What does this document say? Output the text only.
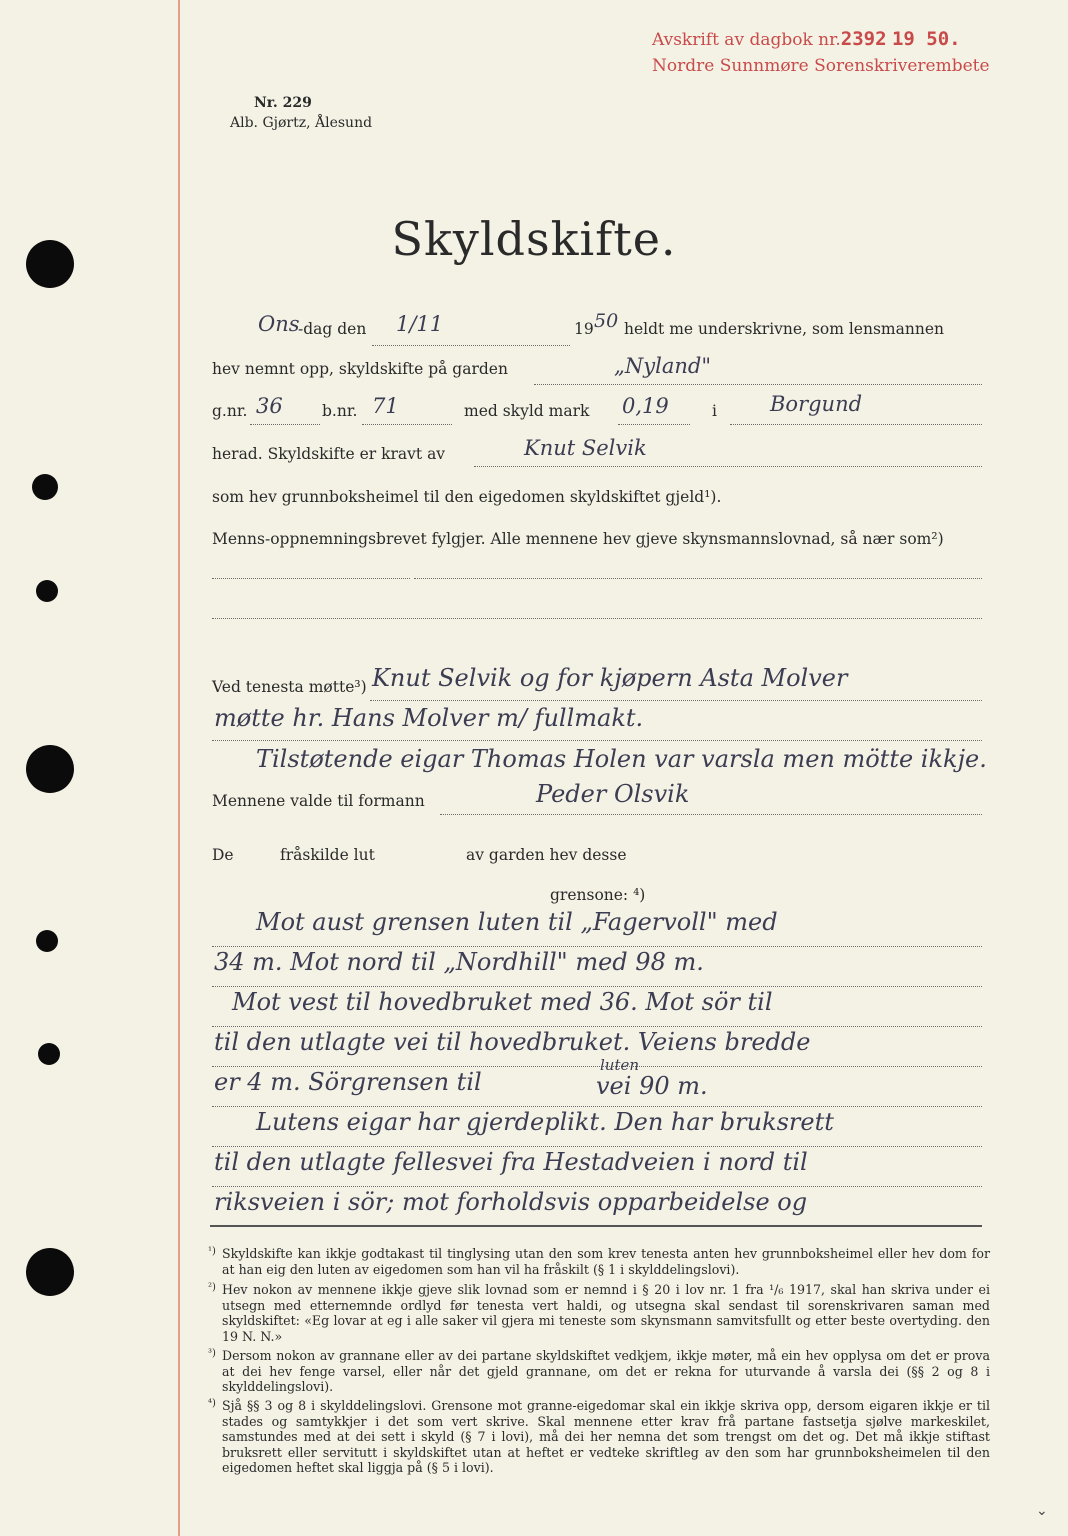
Avskrift av dagbok nr.2392 19 50.
Nordre Sunnmøre Sorenskriverembete
Nr. 229
Alb. Gjørtz, Ålesund
Skyldskifte.
Ons
-dag den 1/11	19 50 heldt me underskrivne, som lensmannen
hev nemnt opp, skyldskifte på garden	„Nyland"
g.nr. 36	b.nr. 71	med skyld mark 0,19	i	Borgund
herad. Skyldskifte er kravt av	Knut Selvik
som hev grunnboksheimel til den eigedomen skyldskiftet gjeld¹).
Menns-oppnemningsbrevet fylgjer. Alle mennene hev gjeve skynsmannslovnad, så nær som²)
Ved tenesta møtte³) Knut Selvik og for kjøpern Asta Molver
møtte hr. Hans Molver m/ fullmakt.
Tilstøtende eigar Thomas Holen var varsla men mötte ikkje.
Mennene valde til formann	Peder Olsvik
De	fråskilde lut	av garden hev desse
grensone: ⁴)
Mot aust grensen luten til „Fagervoll" med
34 m. Mot nord til „Nordhill" med 98 m.
Mot vest til hovedbruket med 36. Mot sör til
til den utlagte vei til hovedbruket. Veiens bredde
er 4 m. Sörgrensen til
luten
vei 90 m.
Lutens eigar har gjerdeplikt. Den har bruksrett
til den utlagte fellesvei fra Hestadveien i nord til
riksveien i sör; mot forholdsvis opparbeidelse og
¹) Skyldskifte kan ikkje godtakast til tinglysing utan den som krev tenesta anten hev grunnboksheimel eller hev dom for at han eig den luten av eigedomen som han vil ha fråskilt (§ 1 i skylddelingslovi).
²) Hev nokon av mennene ikkje gjeve slik lovnad som er nemnd i § 20 i lov nr. 1 fra ¹/₆ 1917, skal han skriva under ei utsegn med etternemnde ordlyd før tenesta vert haldi, og utsegna skal sendast til sorenskrivaren saman med skyldskiftet: «Eg lovar at eg i alle saker vil gjera mi teneste som skynsmann samvitsfullt og etter beste overtyding. den 19 N. N.»
³) Dersom nokon av grannane eller av dei partane skyldskiftet vedkjem, ikkje møter, må ein hev opplysa om det er prova at dei hev fenge varsel, eller når det gjeld grannane, om det er rekna for uturvande å varsla dei (§§ 2 og 8 i skylddelingslovi).
⁴) Sjå §§ 3 og 8 i skylddelingslovi. Grensone mot granne-eigedomar skal ein ikkje skriva opp, dersom eigaren ikkje er til stades og samtykkjer i det som vert skrive. Skal mennene etter krav frå partane fastsetja sjølve markeskilet, samstundes med at dei sett i skyld (§ 7 i lovi), må dei her nemna det som trengst om det og. Det må ikkje stiftast bruksrett eller servitutt i skyldskiftet utan at heftet er vedteke skriftleg av den som har grunnboksheimelen til den eigedomen heftet skal liggja på (§ 5 i lovi).
⌄
